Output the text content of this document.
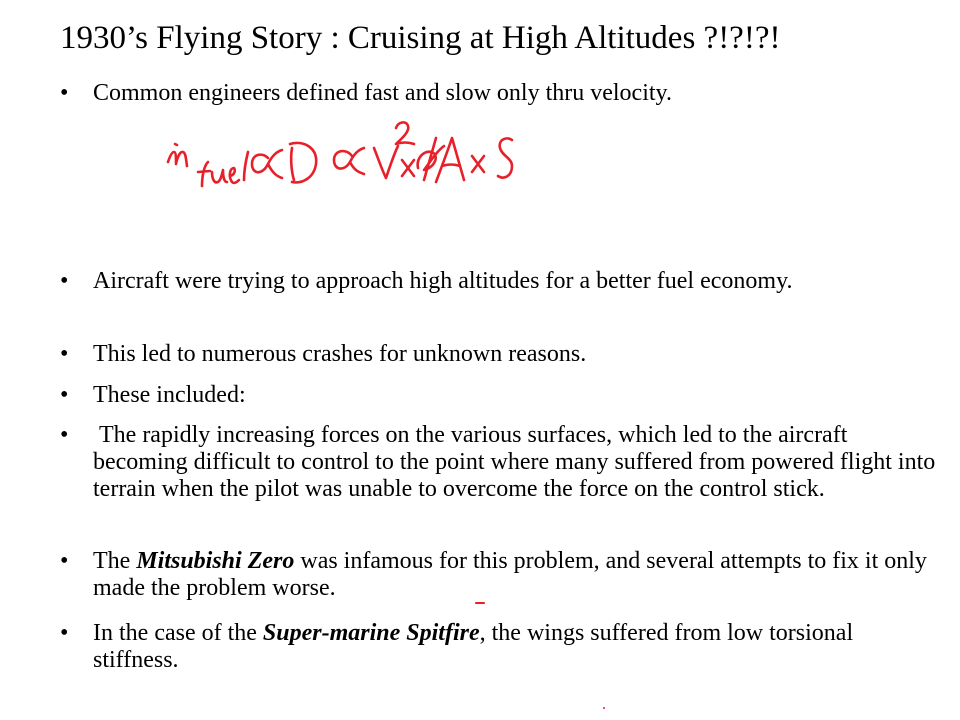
1930’s Flying Story : Cruising at High Altitudes ?!?!?!
• Common engineers defined fast and slow only thru velocity.
• Aircraft were trying to approach high altitudes for a better fuel economy.
• This led to numerous crashes for unknown reasons.
• These included:
• The rapidly increasing forces on the various surfaces, which led to the aircraft becoming difficult to control to the point where many suffered from powered flight into terrain when the pilot was unable to overcome the force on the control stick.
• The Mitsubishi Zero was infamous for this problem, and several attempts to fix it only made the problem worse.
• In the case of the Super-marine Spitfire, the wings suffered from low torsional stiffness.
